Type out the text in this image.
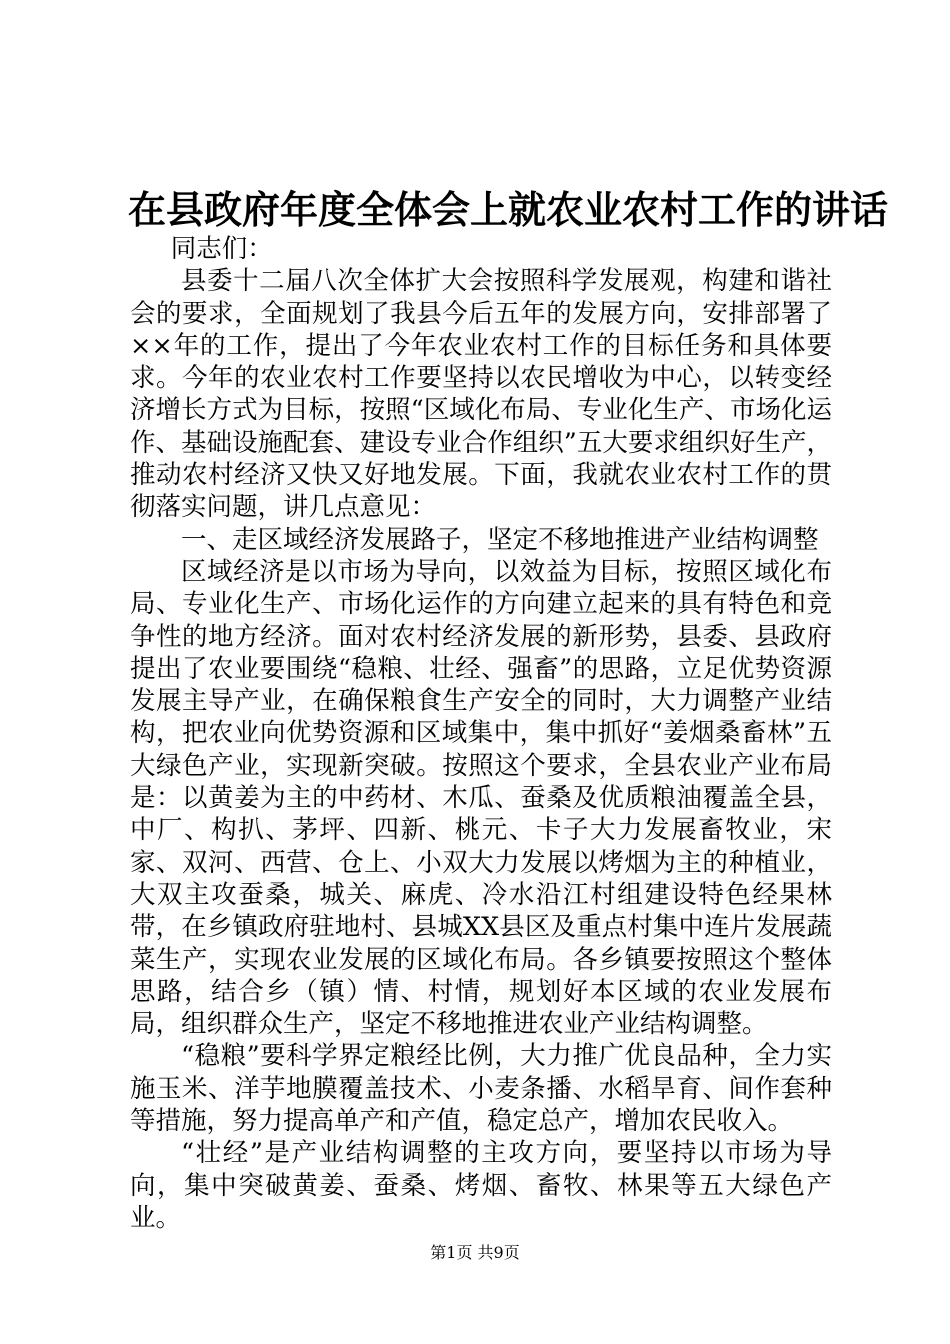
在县政府年度全体会上就农业农村工作的讲话

同志们：

县委十二届八次全体扩大会按照科学发展观，构建和谐社会的要求，全面规划了我县今后五年的发展方向，安排部署了××年的工作，提出了今年农业农村工作的目标任务和具体要求。今年的农业农村工作要坚持以农民增收为中心，以转变经济增长方式为目标，按照“区域化布局、专业化生产、市场化运作、基础设施配套、建设专业合作组织”五大要求组织好生产，推动农村经济又快又好地发展。下面，我就农业农村工作的贯彻落实问题，讲几点意见：

一、走区域经济发展路子，坚定不移地推进产业结构调整

区域经济是以市场为导向，以效益为目标，按照区域化布局、专业化生产、市场化运作的方向建立起来的具有特色和竞争性的地方经济。面对农村经济发展的新形势，县委、县政府提出了农业要围绕“稳粮、壮经、强畜”的思路，立足优势资源发展主导产业，在确保粮食生产安全的同时，大力调整产业结构，把农业向优势资源和区域集中，集中抓好“姜烟桑畜林”五大绿色产业，实现新突破。按照这个要求，全县农业产业布局是：以黄姜为主的中药材、木瓜、蚕桑及优质粮油覆盖全县，中厂、构扒、茅坪、四新、桃元、卡子大力发展畜牧业，宋家、双河、西营、仓上、小双大力发展以烤烟为主的种植业，大双主攻蚕桑，城关、麻虎、冷水沿江村组建设特色经果林带，在乡镇政府驻地村、县城XX县区及重点村集中连片发展蔬菜生产，实现农业发展的区域化布局。各乡镇要按照这个整体思路，结合乡（镇）情、村情，规划好本区域的农业发展布局，组织群众生产，坚定不移地推进农业产业结构调整。

“稳粮”要科学界定粮经比例，大力推广优良品种，全力实施玉米、洋芋地膜覆盖技术、小麦条播、水稻旱育、间作套种等措施，努力提高单产和产值，稳定总产，增加农民收入。

“壮经”是产业结构调整的主攻方向，要坚持以市场为导向，集中突破黄姜、蚕桑、烤烟、畜牧、林果等五大绿色产业。

第1页 共9页
